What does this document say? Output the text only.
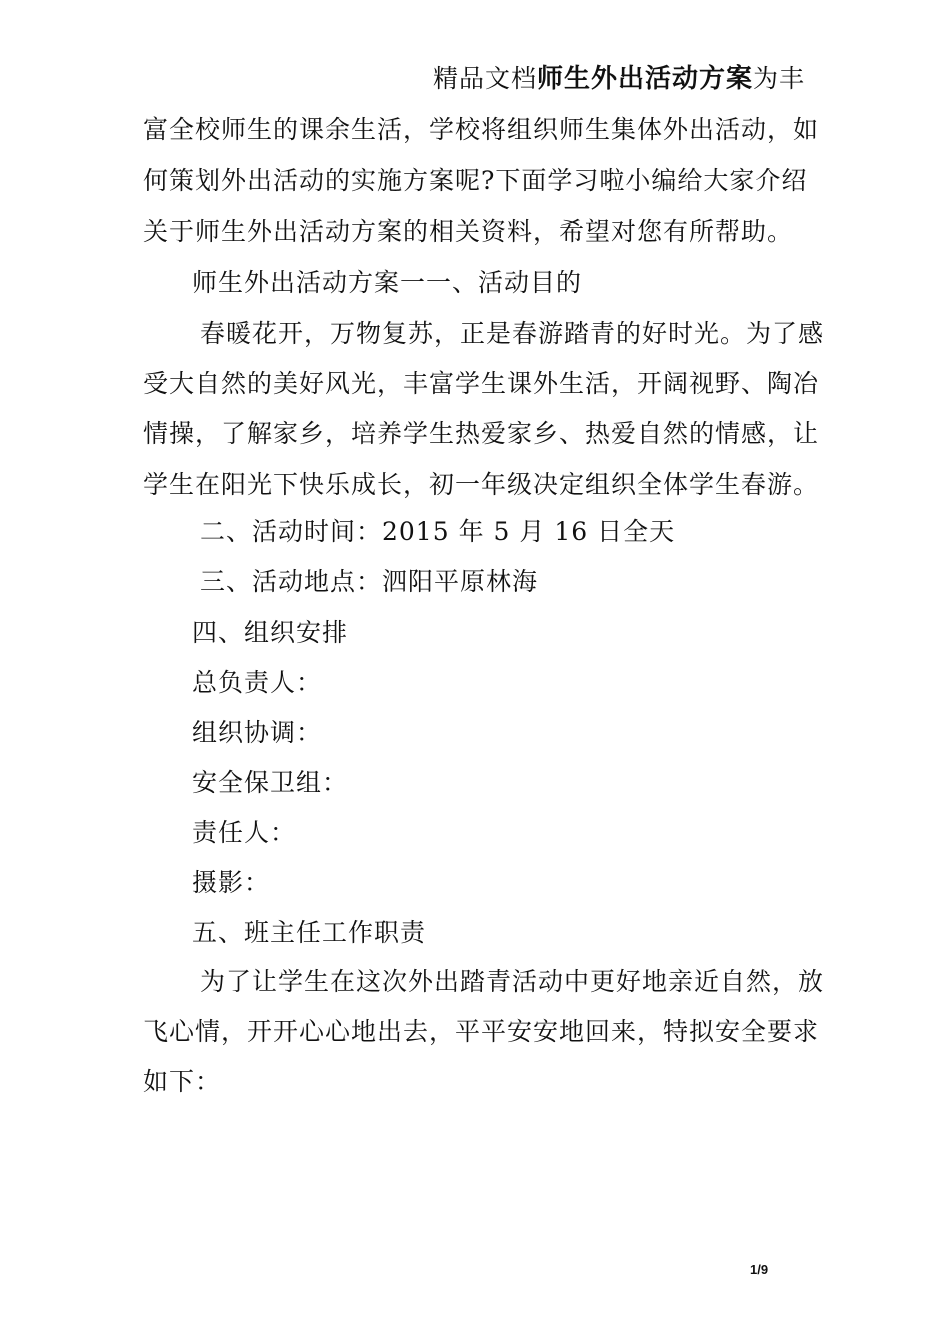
精品文档师生外出活动方案为丰
富全校师生的课余生活，学校将组织师生集体外出活动，如
何策划外出活动的实施方案呢?下面学习啦小编给大家介绍
关于师生外出活动方案的相关资料，希望对您有所帮助。
师生外出活动方案一一、活动目的
春暖花开，万物复苏，正是春游踏青的好时光。为了感
受大自然的美好风光，丰富学生课外生活，开阔视野、陶冶
情操，了解家乡，培养学生热爱家乡、热爱自然的情感，让
学生在阳光下快乐成长，初一年级决定组织全体学生春游。
二、活动时间：2015 年 5 月 16 日全天
三、活动地点：泗阳平原林海
四、组织安排
总负责人：
组织协调：
安全保卫组：
责任人：
摄影：
五、班主任工作职责
为了让学生在这次外出踏青活动中更好地亲近自然，放
飞心情，开开心心地出去，平平安安地回来，特拟安全要求
如下：
1/9
